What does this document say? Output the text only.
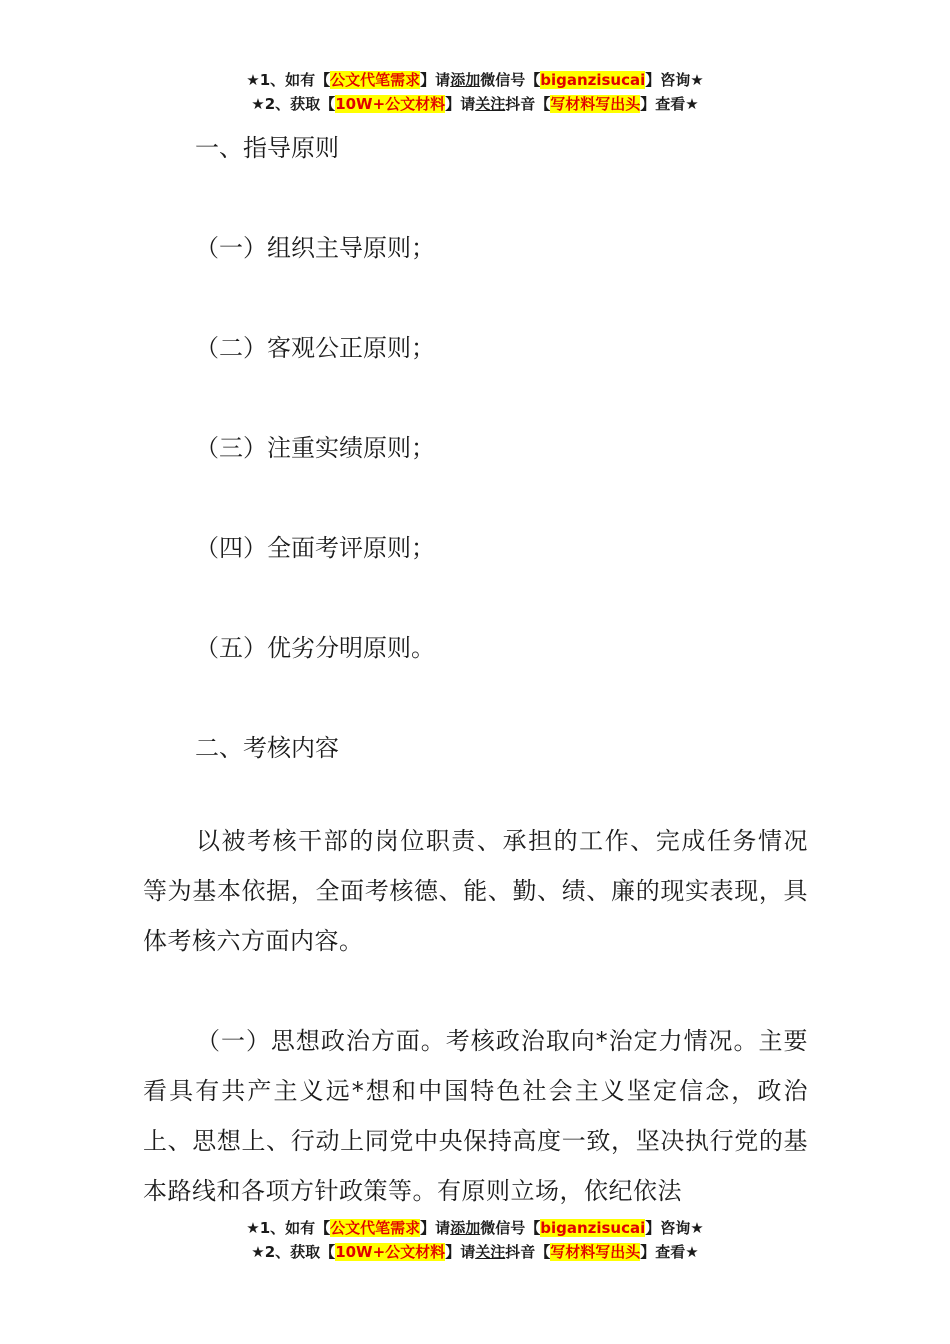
★1、如有【公文代笔需求】请添加微信号【biganzisucai】咨询★
★2、获取【10W+公文材料】请关注抖音【写材料写出头】查看★
一、指导原则
（一）组织主导原则；
（二）客观公正原则；
（三）注重实绩原则；
（四）全面考评原则；
（五）优劣分明原则。
二、考核内容
以被考核干部的岗位职责、承担的工作、完成任务情况等为基本依据，全面考核德、能、勤、绩、廉的现实表现，具体考核六方面内容。
（一）思想政治方面。考核政治取向*治定力情况。主要看具有共产主义远*想和中国特色社会主义坚定信念，政治上、思想上、行动上同党中央保持高度一致，坚决执行党的基本路线和各项方针政策等。有原则立场，依纪依法
★1、如有【公文代笔需求】请添加微信号【biganzisucai】咨询★
★2、获取【10W+公文材料】请关注抖音【写材料写出头】查看★
